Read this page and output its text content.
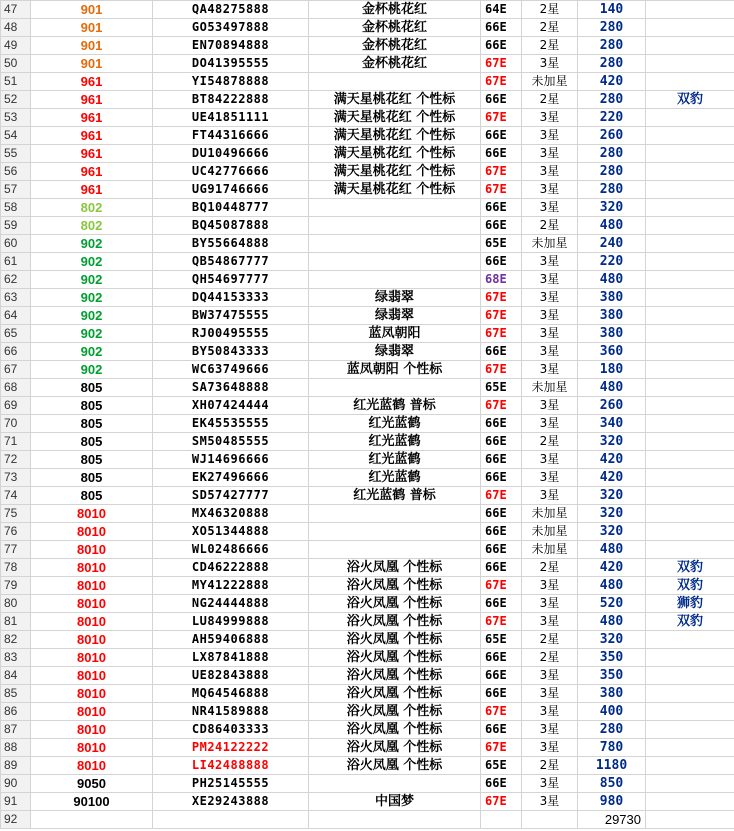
47	901	QA48275888	金杯桃花红	64E	2星	140	
48	901	GO53497888	金杯桃花红	66E	2星	280	
49	901	EN70894888	金杯桃花红	66E	2星	280	
50	901	DO41395555	金杯桃花红	67E	3星	280	
51	961	YI54878888		67E	未加星	420	
52	961	BT84222888	满天星桃花红 个性标	66E	2星	280	双豹
53	961	UE41851111	满天星桃花红 个性标	67E	3星	220	
54	961	FT44316666	满天星桃花红 个性标	66E	3星	260	
55	961	DU10496666	满天星桃花红 个性标	66E	3星	280	
56	961	UC42776666	满天星桃花红 个性标	67E	3星	280	
57	961	UG91746666	满天星桃花红 个性标	67E	3星	280	
58	802	BQ10448777		66E	3星	320	
59	802	BQ45087888		66E	2星	480	
60	902	BY55664888		65E	未加星	240	
61	902	QB54867777		66E	3星	220	
62	902	QH54697777		68E	3星	480	
63	902	DQ44153333	绿翡翠	67E	3星	380	
64	902	BW37475555	绿翡翠	67E	3星	380	
65	902	RJ00495555	蓝凤朝阳	67E	3星	380	
66	902	BY50843333	绿翡翠	66E	3星	360	
67	902	WC63749666	蓝凤朝阳 个性标	67E	3星	180	
68	805	SA73648888		65E	未加星	480	
69	805	XH07424444	红光蓝鹤 普标	67E	3星	260	
70	805	EK45535555	红光蓝鹤	66E	3星	340	
71	805	SM50485555	红光蓝鹤	66E	2星	320	
72	805	WJ14696666	红光蓝鹤	66E	3星	420	
73	805	EK27496666	红光蓝鹤	66E	3星	420	
74	805	SD57427777	红光蓝鹤 普标	67E	3星	320	
75	8010	MX46320888		66E	未加星	320	
76	8010	XO51344888		66E	未加星	320	
77	8010	WL02486666		66E	未加星	480	
78	8010	CD46222888	浴火凤凰 个性标	66E	2星	420	双豹
79	8010	MY41222888	浴火凤凰 个性标	67E	3星	480	双豹
80	8010	NG24444888	浴火凤凰 个性标	66E	3星	520	狮豹
81	8010	LU84999888	浴火凤凰 个性标	67E	3星	480	双豹
82	8010	AH59406888	浴火凤凰 个性标	65E	2星	320	
83	8010	LX87841888	浴火凤凰 个性标	66E	2星	350	
84	8010	UE82843888	浴火凤凰 个性标	66E	3星	350	
85	8010	MQ64546888	浴火凤凰 个性标	66E	3星	380	
86	8010	NR41589888	浴火凤凰 个性标	67E	3星	400	
87	8010	CD86403333	浴火凤凰 个性标	66E	3星	280	
88	8010	PM24122222	浴火凤凰 个性标	67E	3星	780	
89	8010	LI42488888	浴火凤凰 个性标	65E	2星	1180	
90	9050	PH25145555		66E	3星	850	
91	90100	XE29243888	中国梦	67E	3星	980	
92						29730	
